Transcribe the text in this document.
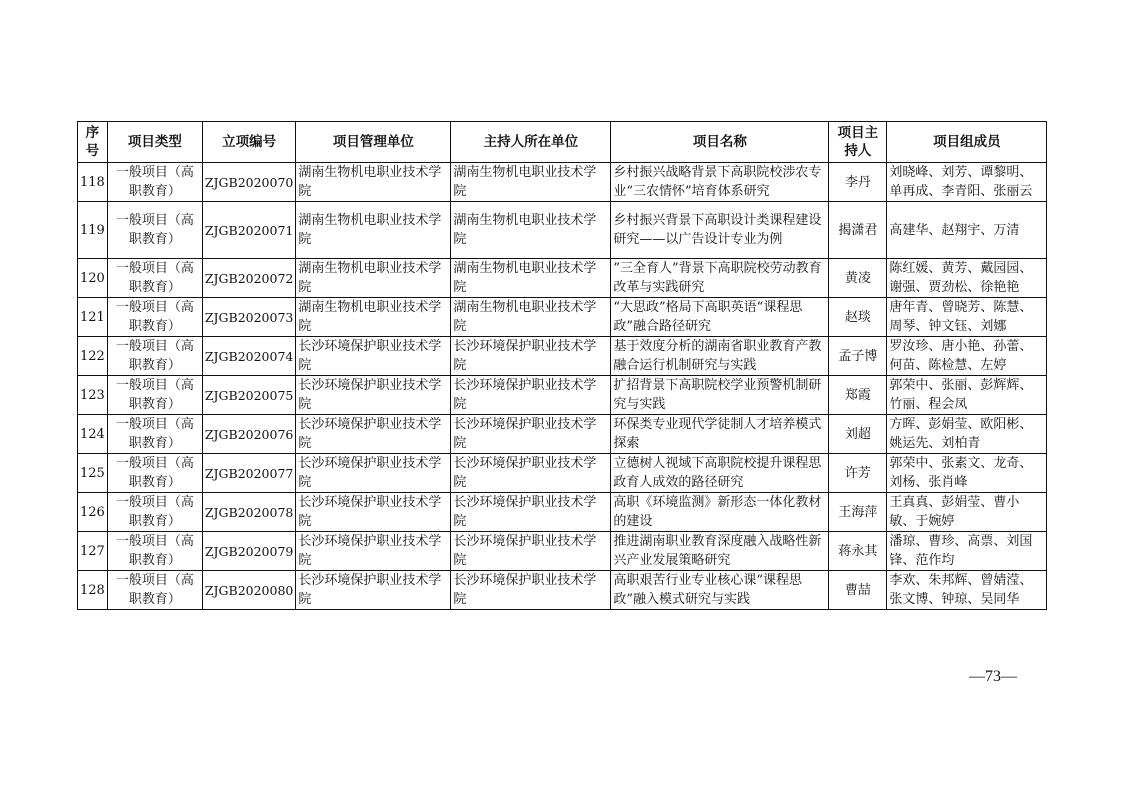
序号	项目类型	立项编号	项目管理单位	主持人所在单位	项目名称	项目主持人	项目组成员
118	一般项目（高职教育）	ZJGB2020070	湖南生物机电职业技术学院	湖南生物机电职业技术学院	乡村振兴战略背景下高职院校涉农专业“三农情怀”培育体系研究	李丹	刘晓峰、刘芳、谭黎明、单再成、李青阳、张丽云
119	一般项目（高职教育）	ZJGB2020071	湖南生物机电职业技术学院	湖南生物机电职业技术学院	乡村振兴背景下高职设计类课程建设研究——以广告设计专业为例	揭潇君	高建华、赵翔宇、万清
120	一般项目（高职教育）	ZJGB2020072	湖南生物机电职业技术学院	湖南生物机电职业技术学院	”三全育人”背景下高职院校劳动教育改革与实践研究	黄凌	陈红媛、黄芳、戴园园、谢强、贾劲松、徐艳艳
121	一般项目（高职教育）	ZJGB2020073	湖南生物机电职业技术学院	湖南生物机电职业技术学院	“大思政”格局下高职英语“课程思政”融合路径研究	赵琰	唐年青、曾晓芳、陈慧、周琴、钟文钰、刘娜
122	一般项目（高职教育）	ZJGB2020074	长沙环境保护职业技术学院	长沙环境保护职业技术学院	基于效度分析的湖南省职业教育产教融合运行机制研究与实践	孟子博	罗汝珍、唐小艳、孙蕾、何苗、陈检慧、左婷
123	一般项目（高职教育）	ZJGB2020075	长沙环境保护职业技术学院	长沙环境保护职业技术学院	扩招背景下高职院校学业预警机制研究与实践	郑霞	郭荣中、张丽、彭辉辉、竹丽、程会凤
124	一般项目（高职教育）	ZJGB2020076	长沙环境保护职业技术学院	长沙环境保护职业技术学院	环保类专业现代学徒制人才培养模式探索	刘超	方晖、彭娟莹、欧阳彬、姚运先、刘柏青
125	一般项目（高职教育）	ZJGB2020077	长沙环境保护职业技术学院	长沙环境保护职业技术学院	立德树人视域下高职院校提升课程思政育人成效的路径研究	许芳	郭荣中、张素文、龙奇、刘杨、张肖峰
126	一般项目（高职教育）	ZJGB2020078	长沙环境保护职业技术学院	长沙环境保护职业技术学院	高职《环境监测》新形态一体化教材的建设	王海萍	王真真、彭娟莹、曹小敏、于婉婷
127	一般项目（高职教育）	ZJGB2020079	长沙环境保护职业技术学院	长沙环境保护职业技术学院	推进湖南职业教育深度融入战略性新兴产业发展策略研究	蒋永其	潘琼、曹珍、高票、刘国锋、范作均
128	一般项目（高职教育）	ZJGB2020080	长沙环境保护职业技术学院	长沙环境保护职业技术学院	高职艰苦行业专业核心课“课程思政”融入模式研究与实践	曹喆	李欢、朱邦辉、曾婧滢、张文博、钟琼、吴同华
—73—
